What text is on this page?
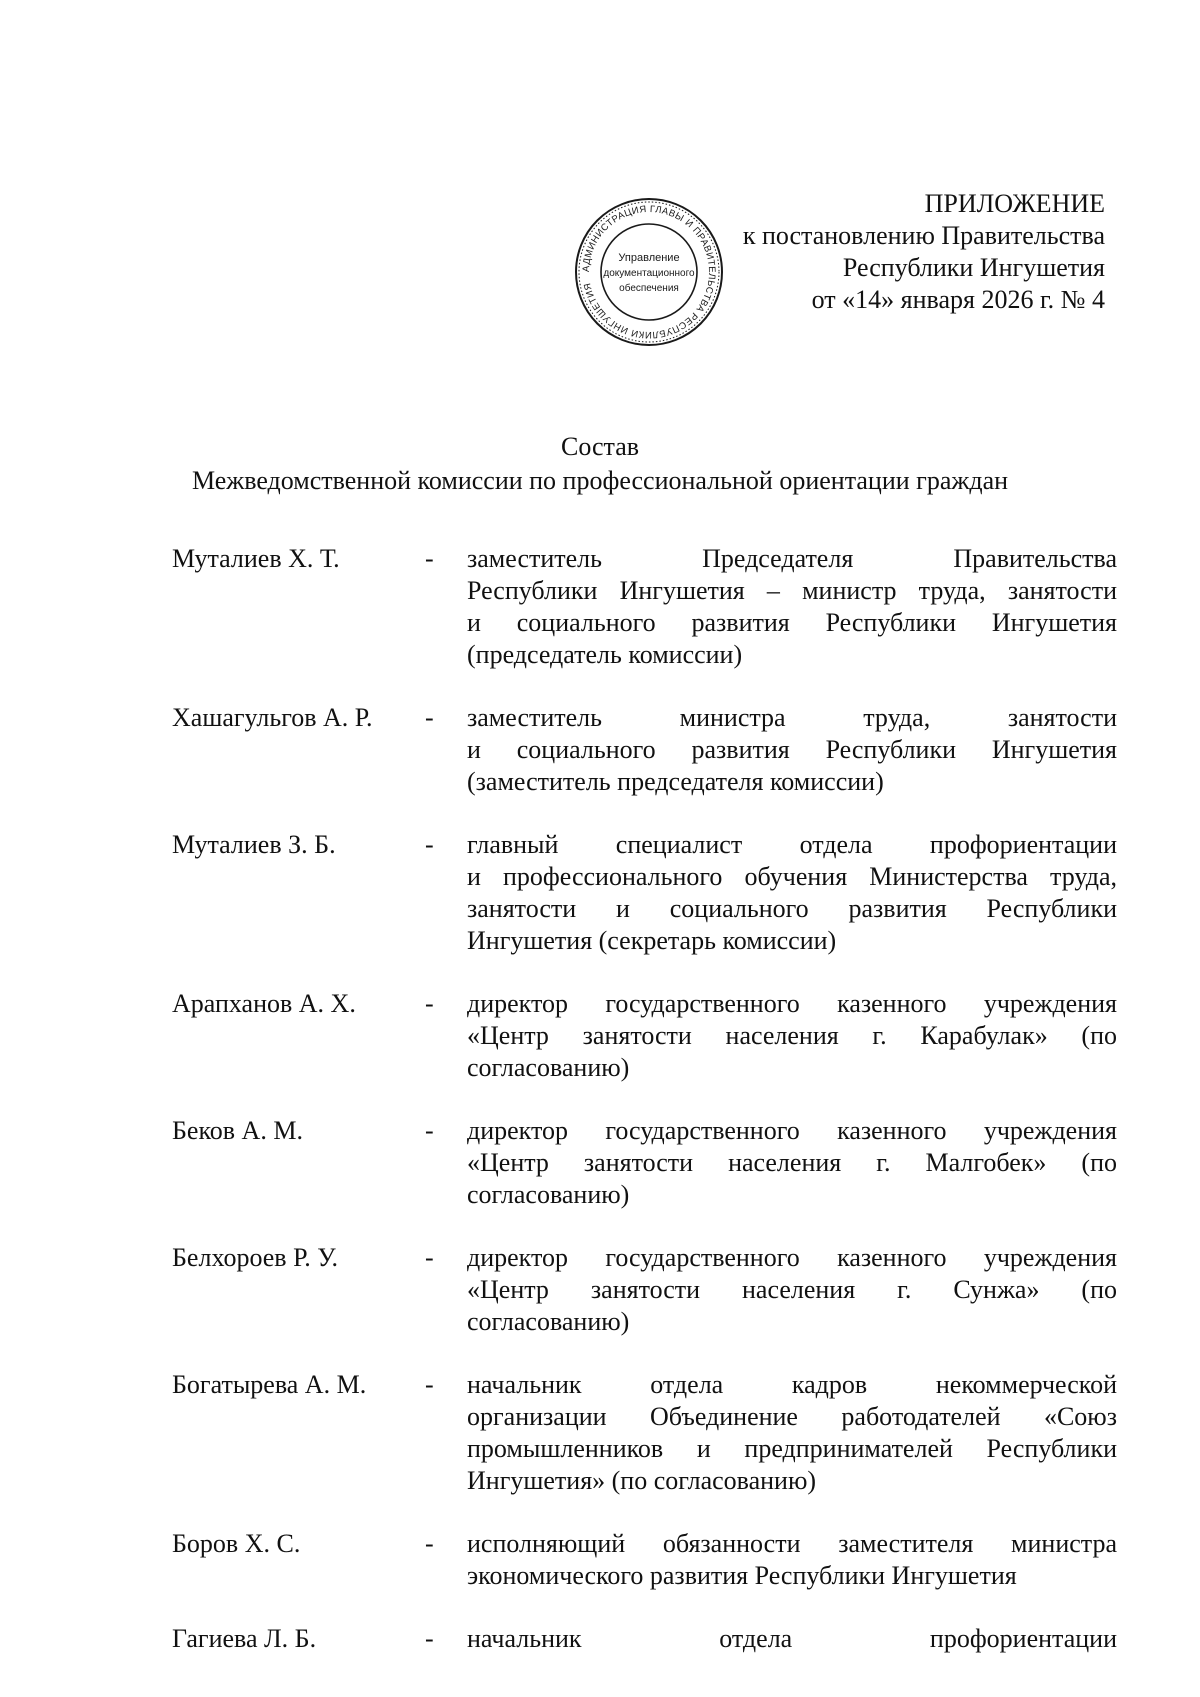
ПРИЛОЖЕНИЕ
к постановлению Правительства
Республики Ингушетия
от «14» января 2026 г. № 4
АДМИНИСТРАЦИЯ ГЛАВЫ И ПРАВИТЕЛЬСТВА РЕСПУБЛИКИ ИНГУШЕТИЯ
Управление
документационного
обеспечения
Состав
Межведомственной комиссии по профессиональной ориентации граждан
Муталиев Х. Т.	-	заместитель Председателя Правительства
Республики Ингушетия – министр труда, занятости
и социального развития Республики Ингушетия
(председатель комиссии)
Хашагульгов А. Р.	-	заместитель министра труда, занятости
и социального развития Республики Ингушетия
(заместитель председателя комиссии)
Муталиев З. Б.	-	главный специалист отдела профориентации
и профессионального обучения Министерства труда,
занятости и социального развития Республики
Ингушетия (секретарь комиссии)
Арапханов А. Х.	-	директор государственного казенного учреждения
«Центр занятости населения г. Карабулак» (по
согласованию)
Беков А. М.	-	директор государственного казенного учреждения
«Центр занятости населения г. Малгобек» (по
согласованию)
Белхороев Р. У.	-	директор государственного казенного учреждения
«Центр занятости населения г. Сунжа» (по
согласованию)
Богатырева А. М.	-	начальник отдела кадров некоммерческой
организации Объединение работодателей «Союз
промышленников и предпринимателей Республики
Ингушетия» (по согласованию)
Боров Х. С.	-	исполняющий обязанности заместителя министра
экономического развития Республики Ингушетия
Гагиева Л. Б.	-	начальник отдела профориентации
